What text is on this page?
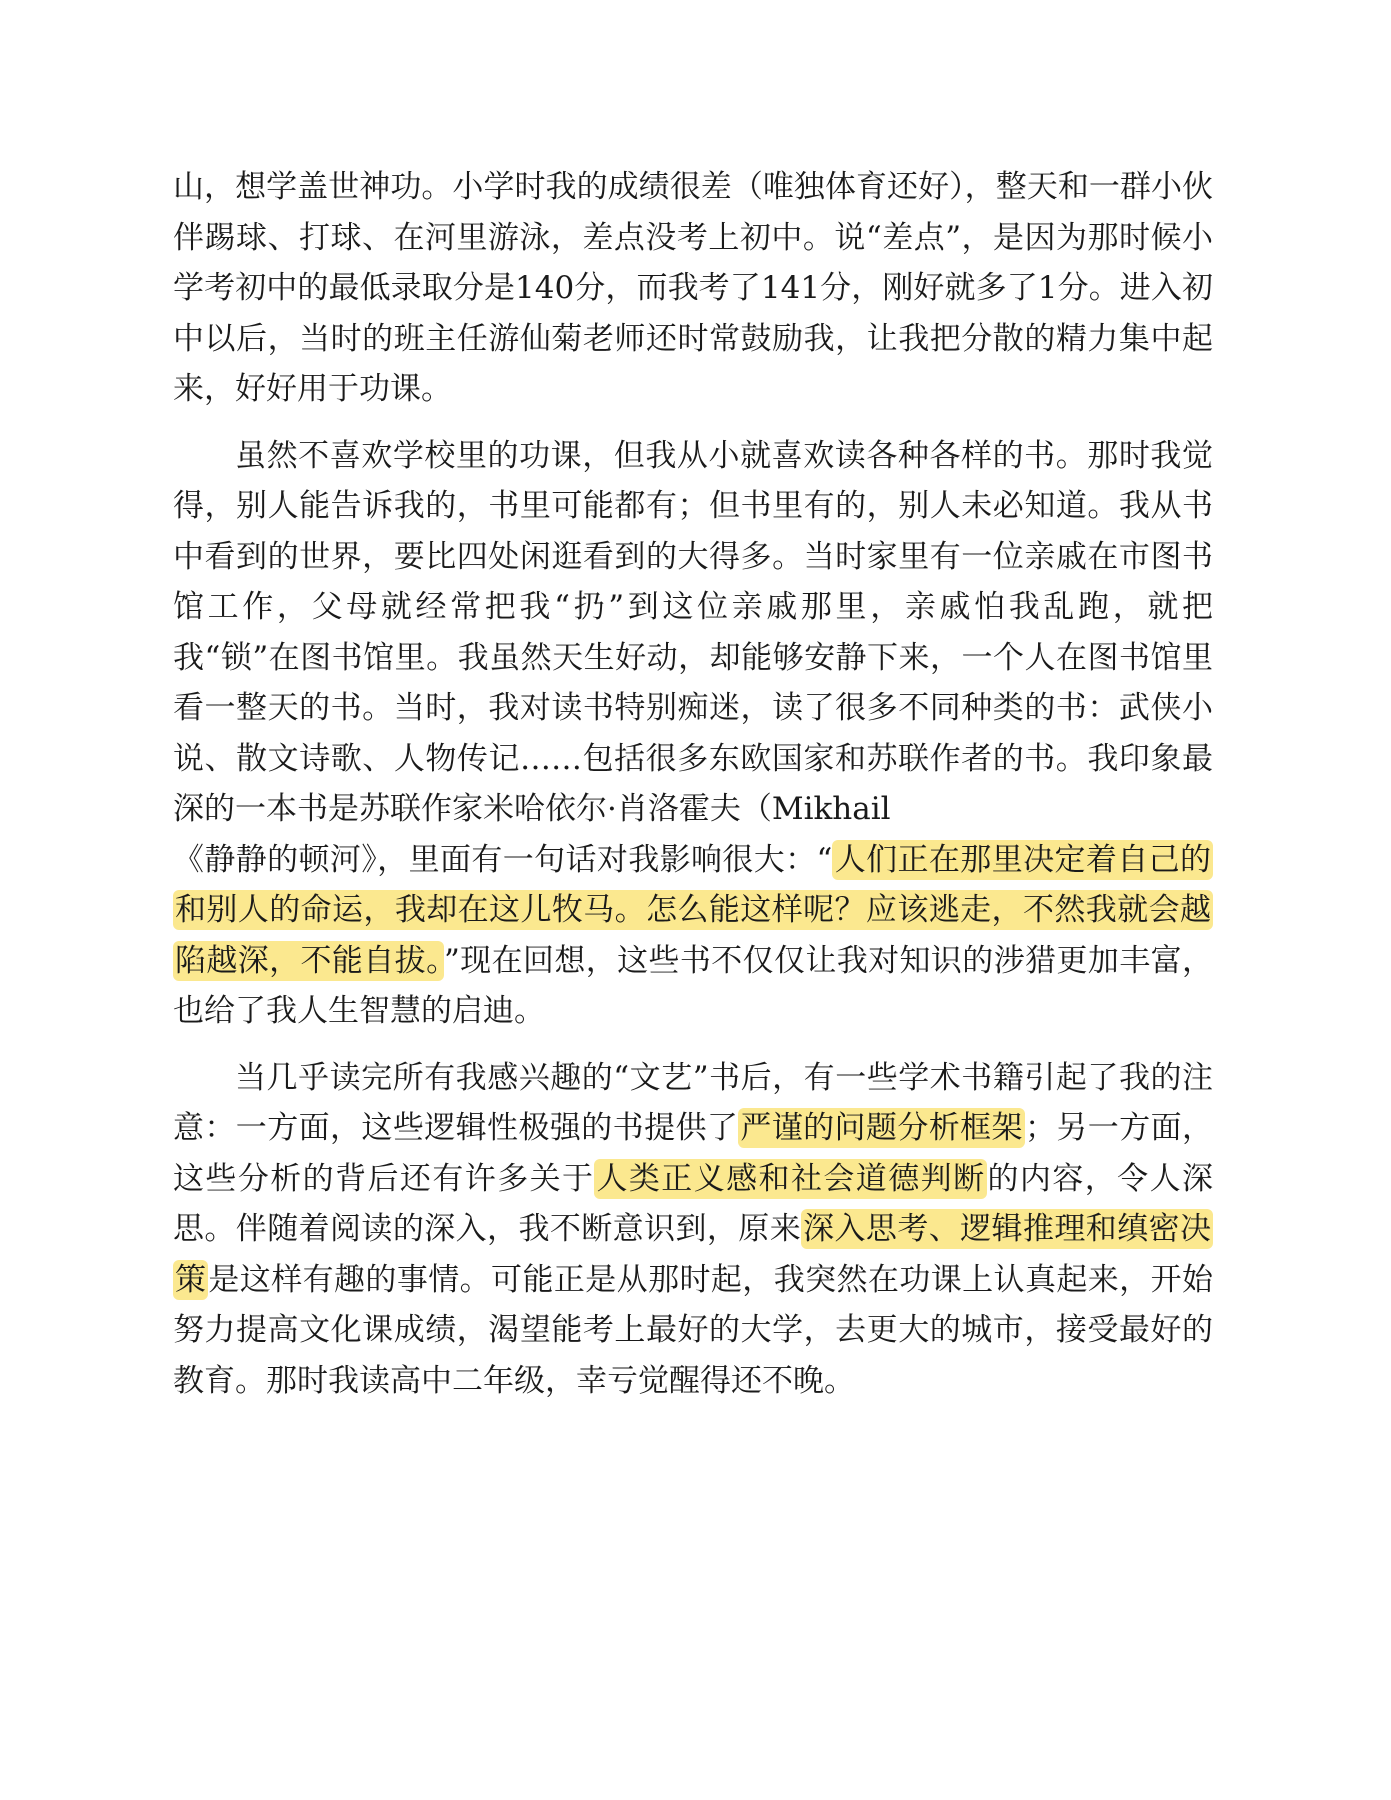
山，想学盖世神功。小学时我的成绩很差（唯独体育还好），整天和一群小伙伴踢球、打球、在河里游泳，差点没考上初中。说“差点”，是因为那时候小学考初中的最低录取分是140分，而我考了141分，刚好就多了1分。进入初中以后，当时的班主任游仙菊老师还时常鼓励我，让我把分散的精力集中起来，好好用于功课。

虽然不喜欢学校里的功课，但我从小就喜欢读各种各样的书。那时我觉得，别人能告诉我的，书里可能都有；但书里有的，别人未必知道。我从书中看到的世界，要比四处闲逛看到的大得多。当时家里有一位亲戚在市图书馆工作，父母就经常把我“扔”到这位亲戚那里，亲戚怕我乱跑，就把我“锁”在图书馆里。我虽然天生好动，却能够安静下来，一个人在图书馆里看一整天的书。当时，我对读书特别痴迷，读了很多不同种类的书：武侠小说、散文诗歌、人物传记……包括很多东欧国家和苏联作者的书。我印象最深的一本书是苏联作家米哈依尔·肖洛霍夫（Mikhail
《静静的顿河》，里面有一句话对我影响很大：“人们正在那里决定着自己的和别人的命运，我却在这儿牧马。怎么能这样呢？应该逃走，不然我就会越陷越深，不能自拔。”现在回想，这些书不仅仅让我对知识的涉猎更加丰富，也给了我人生智慧的启迪。

当几乎读完所有我感兴趣的“文艺”书后，有一些学术书籍引起了我的注意：一方面，这些逻辑性极强的书提供了严谨的问题分析框架；另一方面，这些分析的背后还有许多关于人类正义感和社会道德判断的内容，令人深思。伴随着阅读的深入，我不断意识到，原来深入思考、逻辑推理和缜密决策是这样有趣的事情。可能正是从那时起，我突然在功课上认真起来，开始努力提高文化课成绩，渴望能考上最好的大学，去更大的城市，接受最好的教育。那时我读高中二年级，幸亏觉醒得还不晚。
